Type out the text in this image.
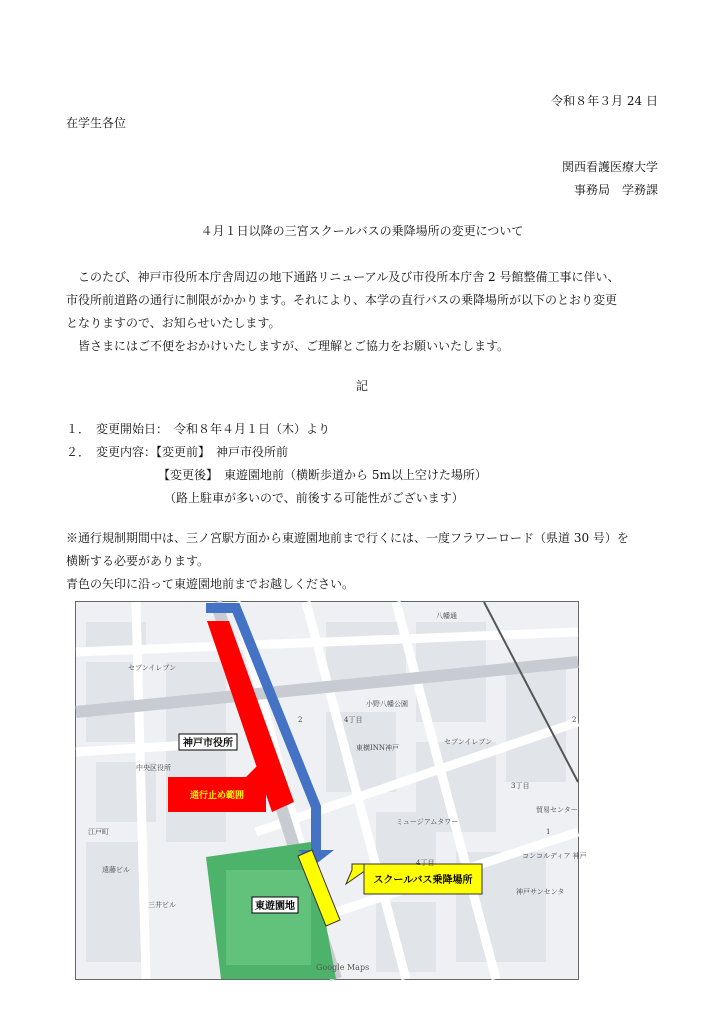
令和８年３月 24 日
在学生各位
関西看護医療大学
事務局　学務課
４月１日以降の三宮スクールバスの乗降場所の変更について
　このたび、神戸市役所本庁舎周辺の地下通路リニューアル及び市役所本庁舎 2 号館整備工事に伴い、
市役所前道路の通行に制限がかかります。それにより、本学の直行バスの乗降場所が以下のとおり変更
となりますので、お知らせいたします。
　皆さまにはご不便をおかけいたしますが、ご理解とご協力をお願いいたします。
記
１．　変更開始日：　令和８年４月１日（木）より
２．　変更内容：【変更前】　神戸市役所前
【変更後】　東遊園地前（横断歩道から 5m以上空けた場所）
（路上駐車が多いので、前後する可能性がございます）
※通行規制期間中は、三ノ宮駅方面から東遊園地前まで行くには、一度フラワーロード（県道 30 号）を
横断する必要があります。
青色の矢印に沿って東遊園地前までお越しください。
神戸市役所
通行止め範囲
スクールバス乗降場所
東遊園地
八幡通
江戸町
中央区役所
遠藤ビル
三井ビル
ミュージアムタワー
4丁目
4丁目
3丁目
セブンイレブン
セブンイレブン
コンコルディア 神戸
東横INN神戸
小野八幡公園
貿易センター
神戸サンセンタ
2
1
2
Google Maps
